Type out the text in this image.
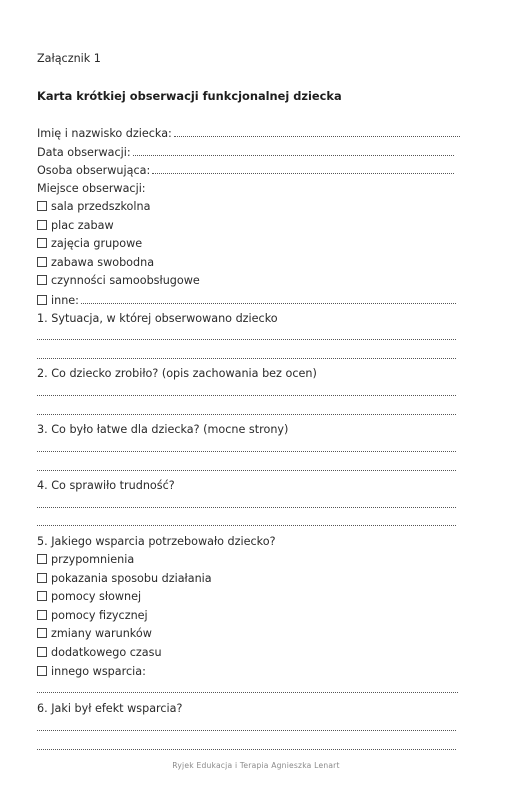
Załącznik 1
Karta krótkiej obserwacji funkcjonalnej dziecka
Imię i nazwisko dziecka:
Data obserwacji:
Osoba obserwująca:
Miejsce obserwacji:
sala przedszkolna
plac zabaw
zajęcia grupowe
zabawa swobodna
czynności samoobsługowe
inne:
1. Sytuacja, w której obserwowano dziecko
2. Co dziecko zrobiło? (opis zachowania bez ocen)
3. Co było łatwe dla dziecka? (mocne strony)
4. Co sprawiło trudność?
5. Jakiego wsparcia potrzebowało dziecko?
przypomnienia
pokazania sposobu działania
pomocy słownej
pomocy fizycznej
zmiany warunków
dodatkowego czasu
innego wsparcia:
6. Jaki był efekt wsparcia?
Ryjek Edukacja i Terapia Agnieszka Lenart
